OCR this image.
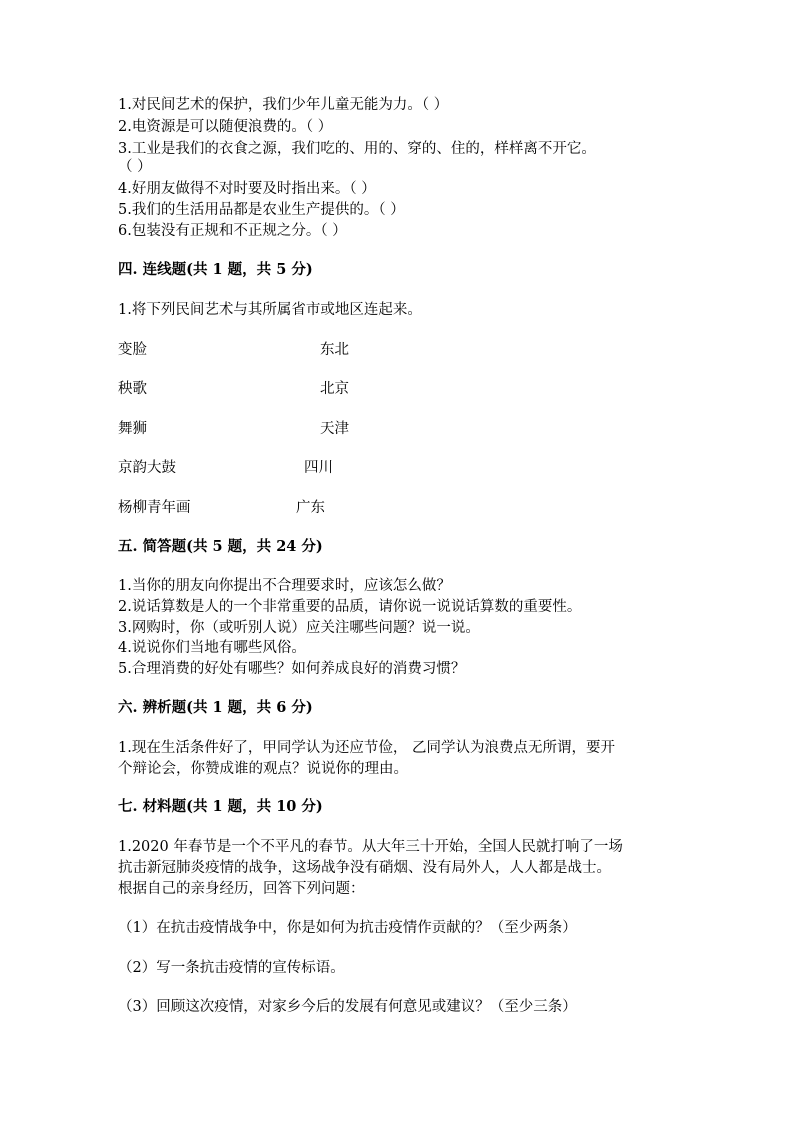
1.对民间艺术的保护，我们少年儿童无能为力。（ ）
2.电资源是可以随便浪费的。（ ）
3.工业是我们的衣食之源，我们吃的、用的、穿的、住的，样样离不开它。
（ ）
4.好朋友做得不对时要及时指出来。（ ）
5.我们的生活用品都是农业生产提供的。（ ）
6.包装没有正规和不正规之分。（ ）
四. 连线题(共 1 题，共 5 分)
1.将下列民间艺术与其所属省市或地区连起来。
变脸	东北
秧歌	北京
舞狮	天津
京韵大鼓	四川
杨柳青年画	广东
五. 简答题(共 5 题，共 24 分)
1.当你的朋友向你提出不合理要求时，应该怎么做？
2.说话算数是人的一个非常重要的品质，请你说一说说话算数的重要性。
3.网购时，你（或听别人说）应关注哪些问题？说一说。
4.说说你们当地有哪些风俗。
5.合理消费的好处有哪些？如何养成良好的消费习惯？
六. 辨析题(共 1 题，共 6 分)
1.现在生活条件好了，甲同学认为还应节俭， 乙同学认为浪费点无所谓，要开
个辩论会，你赞成谁的观点？说说你的理由。
七. 材料题(共 1 题，共 10 分)
1.2020 年春节是一个不平凡的春节。从大年三十开始，全国人民就打响了一场
抗击新冠肺炎疫情的战争，这场战争没有硝烟、没有局外人，人人都是战士。
根据自己的亲身经历，回答下列问题：
（1）在抗击疫情战争中，你是如何为抗击疫情作贡献的？（至少两条）
（2）写一条抗击疫情的宣传标语。
（3）回顾这次疫情，对家乡今后的发展有何意见或建议？（至少三条）
